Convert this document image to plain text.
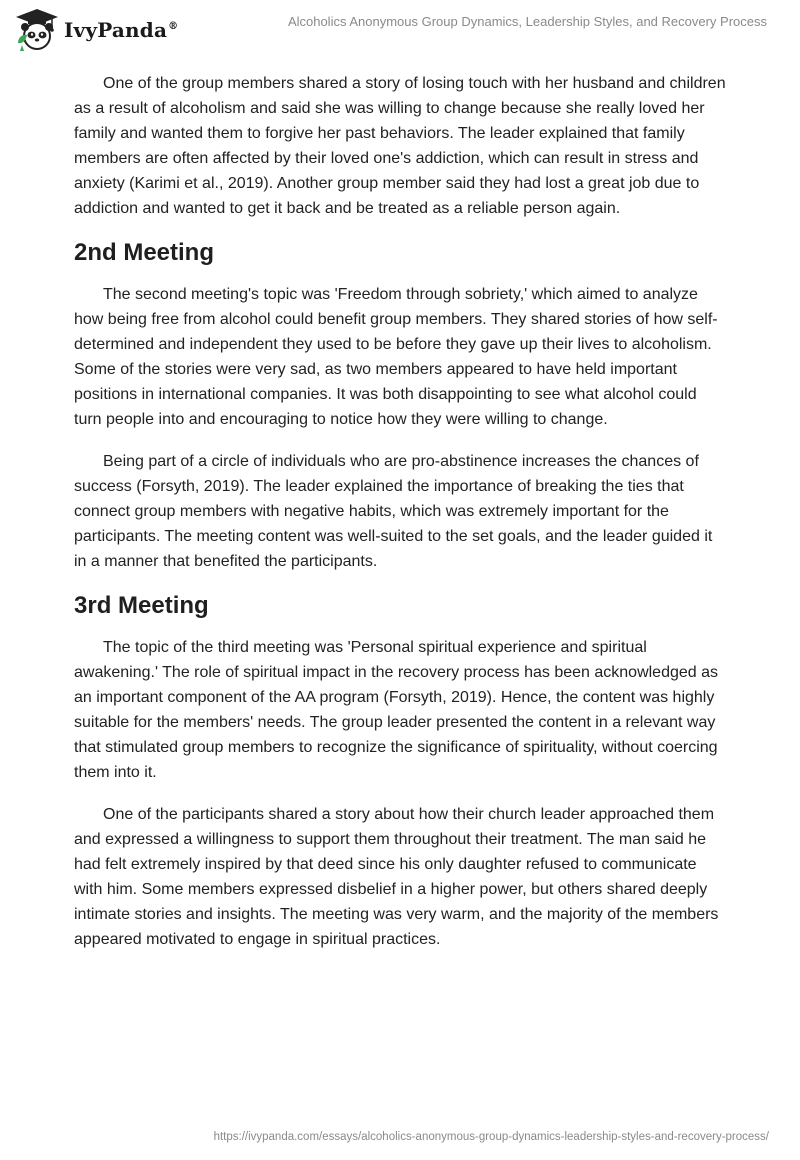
IvyPanda®	Alcoholics Anonymous Group Dynamics, Leadership Styles, and Recovery Process

One of the group members shared a story of losing touch with her husband and children as a result of alcoholism and said she was willing to change because she really loved her family and wanted them to forgive her past behaviors. The leader explained that family members are often affected by their loved one's addiction, which can result in stress and anxiety (Karimi et al., 2019). Another group member said they had lost a great job due to addiction and wanted to get it back and be treated as a reliable person again.

2nd Meeting

The second meeting's topic was 'Freedom through sobriety,' which aimed to analyze how being free from alcohol could benefit group members. They shared stories of how self-determined and independent they used to be before they gave up their lives to alcoholism. Some of the stories were very sad, as two members appeared to have held important positions in international companies. It was both disappointing to see what alcohol could turn people into and encouraging to notice how they were willing to change.

Being part of a circle of individuals who are pro-abstinence increases the chances of success (Forsyth, 2019). The leader explained the importance of breaking the ties that connect group members with negative habits, which was extremely important for the participants. The meeting content was well-suited to the set goals, and the leader guided it in a manner that benefited the participants.

3rd Meeting

The topic of the third meeting was 'Personal spiritual experience and spiritual awakening.' The role of spiritual impact in the recovery process has been acknowledged as an important component of the AA program (Forsyth, 2019). Hence, the content was highly suitable for the members' needs. The group leader presented the content in a relevant way that stimulated group members to recognize the significance of spirituality, without coercing them into it.

One of the participants shared a story about how their church leader approached them and expressed a willingness to support them throughout their treatment. The man said he had felt extremely inspired by that deed since his only daughter refused to communicate with him. Some members expressed disbelief in a higher power, but others shared deeply intimate stories and insights. The meeting was very warm, and the majority of the members appeared motivated to engage in spiritual practices.

https://ivypanda.com/essays/alcoholics-anonymous-group-dynamics-leadership-styles-and-recovery-process/
